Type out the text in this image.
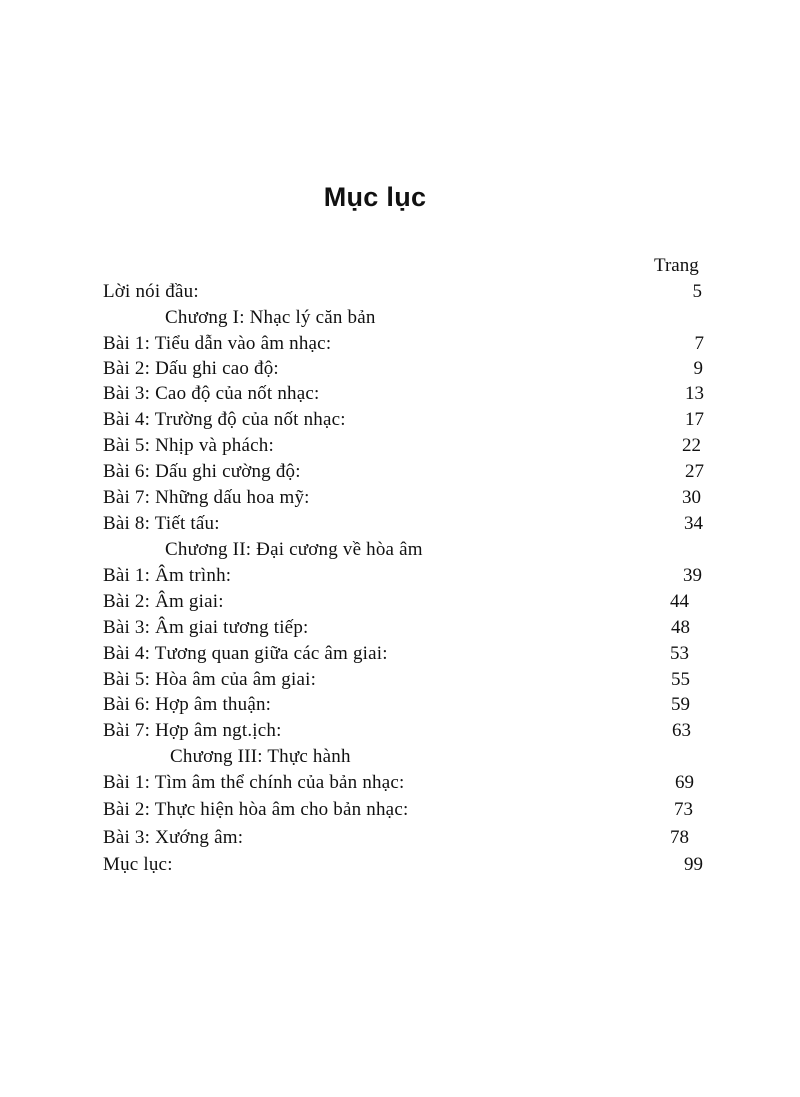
Mục lục
Trang
Lời nói đầu:	5
Chương I: Nhạc lý căn bản
Bài 1: Tiểu dẫn vào âm nhạc:	7
Bài 2: Dấu ghi cao độ:	9
Bài 3: Cao độ của nốt nhạc:	13
Bài 4: Trường độ của nốt nhạc:	17
Bài 5: Nhịp và phách:	22
Bài 6: Dấu ghi cường độ:	27
Bài 7: Những dấu hoa mỹ:	30
Bài 8: Tiết tấu:	34
Chương II: Đại cương về hòa âm
Bài 1: Âm trình:	39
Bài 2: Âm giai:	44
Bài 3: Âm giai tương tiếp:	48
Bài 4: Tương quan giữa các âm giai:	53
Bài 5: Hòa âm của âm giai:	55
Bài 6: Hợp âm thuận:	59
Bài 7: Hợp âm ngt.ịch:	63
Chương III: Thực hành
Bài 1: Tìm âm thể chính của bản nhạc:	69
Bài 2: Thực hiện hòa âm cho bản nhạc:	73
Bài 3: Xướng âm:	78
Mục lục:	99
